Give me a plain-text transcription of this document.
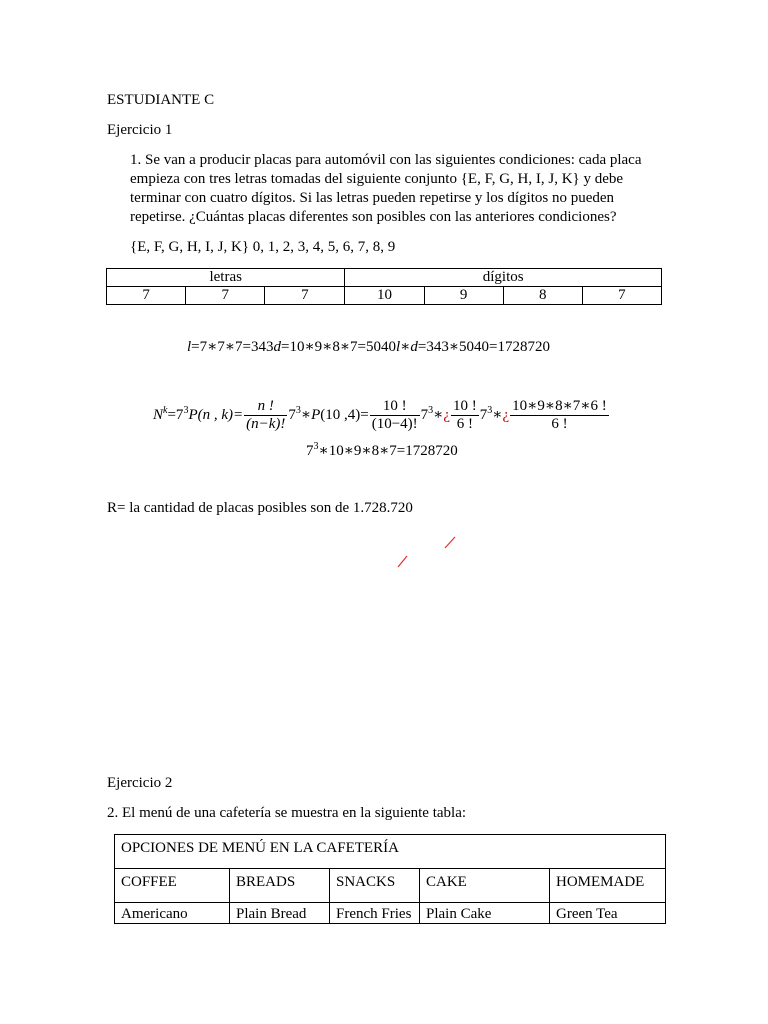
ESTUDIANTE C
Ejercicio 1
1. Se van a producir placas para automóvil con las siguientes condiciones: cada placa
empieza con tres letras tomadas del siguiente conjunto {E, F, G, H, I, J, K} y debe
terminar con cuatro dígitos. Si las letras pueden repetirse y los dígitos no pueden
repetirse. ¿Cuántas placas diferentes son posibles con las anteriores condiciones?
{E, F, G, H, I, J, K} 0, 1, 2, 3, 4, 5, 6, 7, 8, 9
letras			dígitos			
7	7	7	10	9	8	7
l=7∗7∗7=343d=10∗9∗8∗7=5040l∗d=343∗5040=1728720
$N^k=7^3P(n$ , $k)= \frac{n !}{(n-k)!}$ $7^3∗P(10$ $,4)= \frac{10 !}{(10-4)!}$ $7^3∗¿ \frac{10 !}{6 !}$ $7^3∗¿ \frac{10∗9∗8∗7∗6 !}{6 !}$
$7^3∗10∗9∗8∗7=1728720$
R= la cantidad de placas posibles son de 1.728.720
Ejercicio 2
2. El menú de una cafetería se muestra en la siguiente tabla:
OPCIONES DE MENÚ EN LA CAFETERÍA				
COFFEE	BREADS	SNACKS	CAKE	HOMEMADE
Americano	Plain Bread	French Fries	Plain Cake	Green Tea
